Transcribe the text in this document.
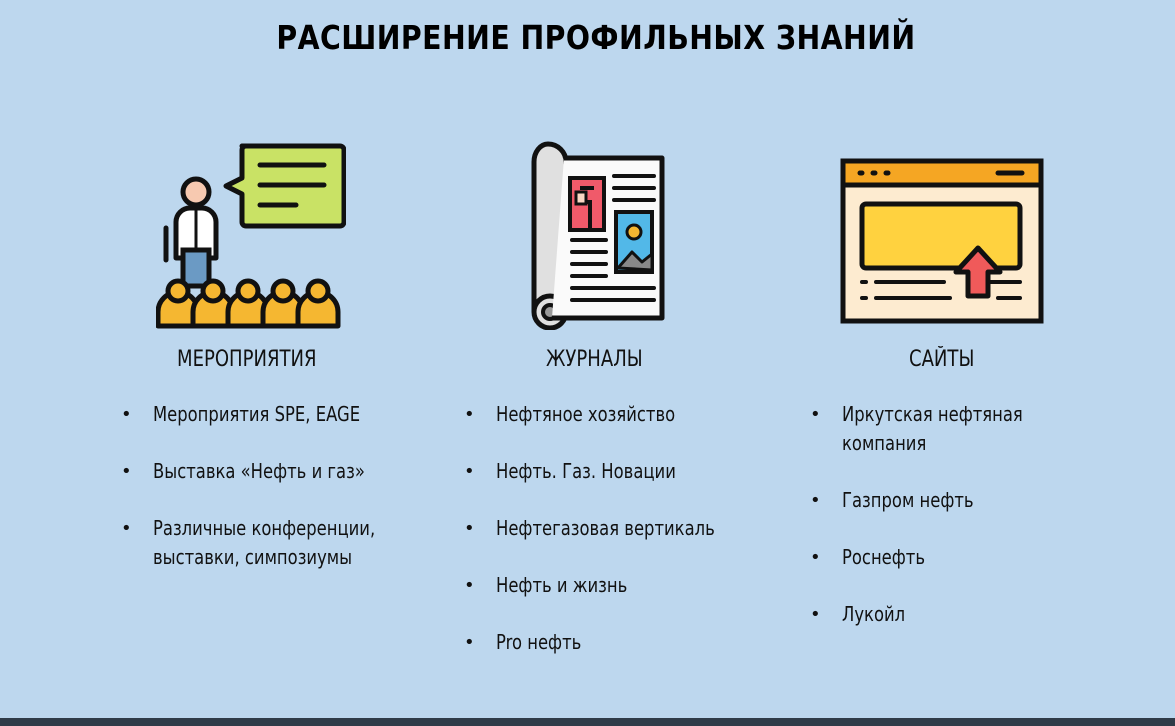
РАСШИРЕНИЕ ПРОФИЛЬНЫХ ЗНАНИЙ
МЕРОПРИЯТИЯ
• Мероприятия SPE, EAGE
• Выставка «Нефть и газ»
• Различные конференции,
выставки, симпозиумы
ЖУРНАЛЫ
• Нефтяное хозяйство
• Нефть. Газ. Новации
• Нефтегазовая вертикаль
• Нефть и жизнь
• Pro нефть
САЙТЫ
• Иркутская нефтяная
компания
• Газпром нефть
• Роснефть
• Лукойл
